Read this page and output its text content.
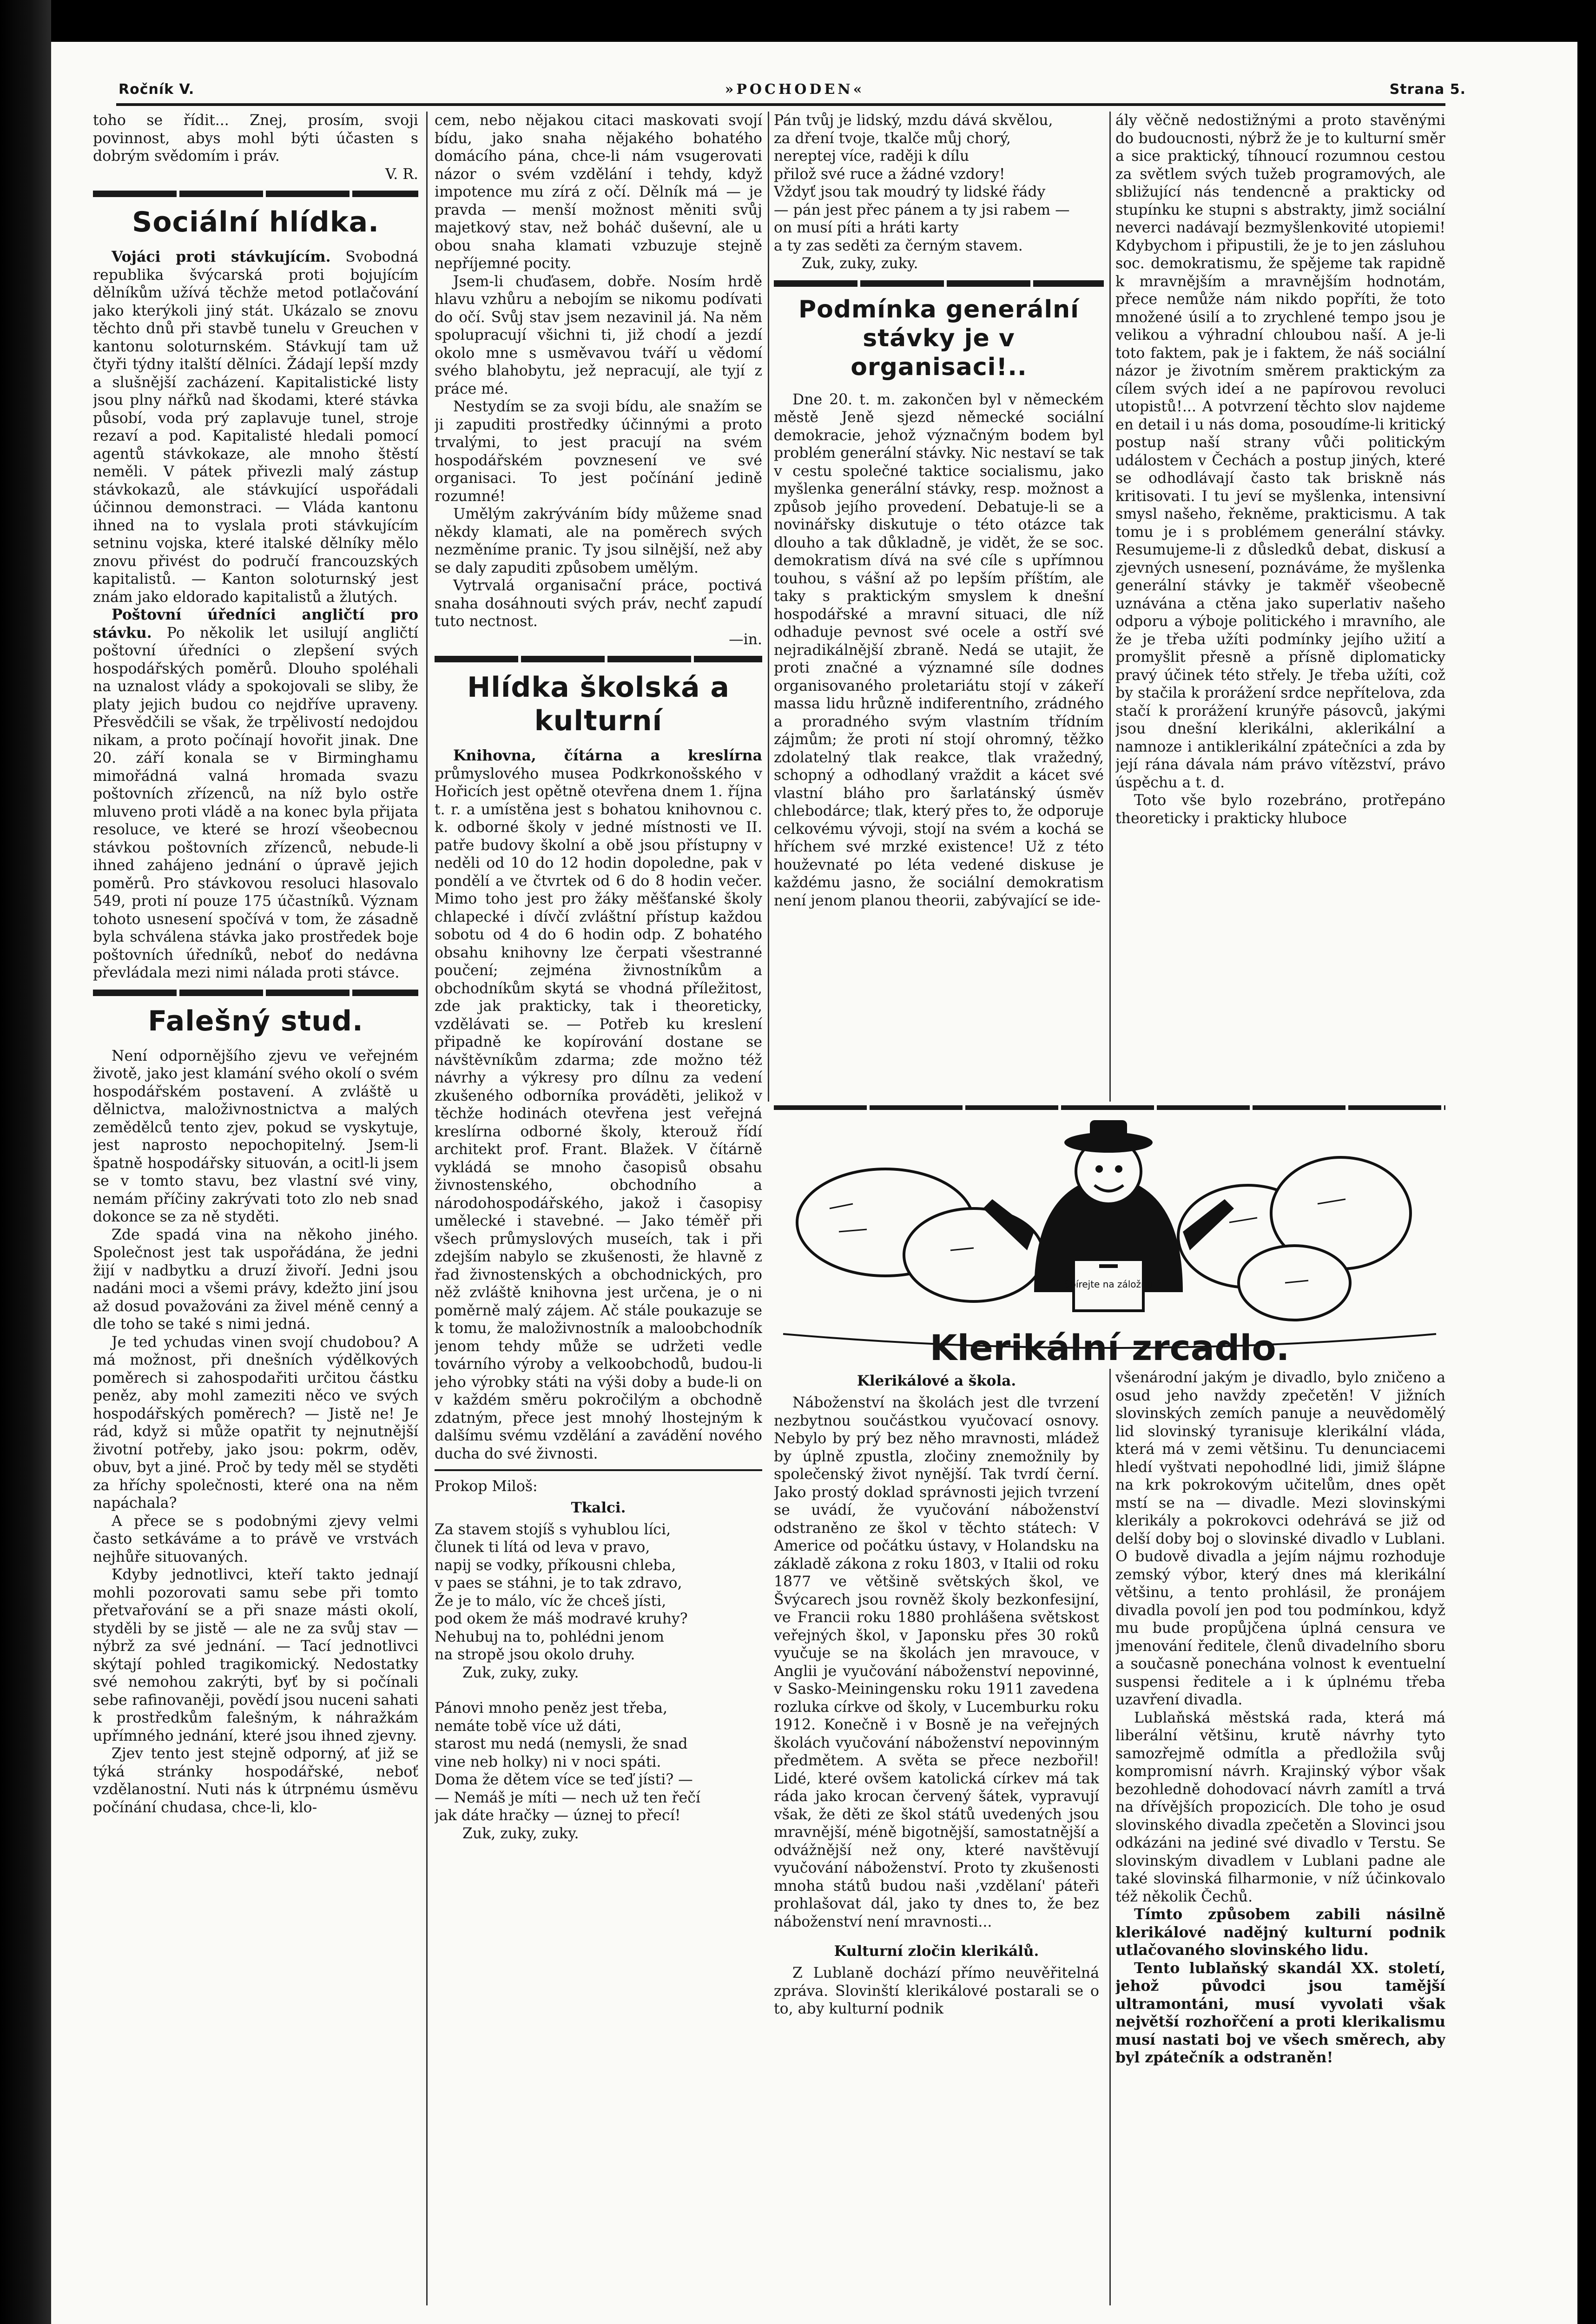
Ročník V.	»POCHODEN«	Strana 5.

toho se řídit... Znej, prosím, svoji povinnost, abys mohl býti účasten s dobrým svědomím i práv.

V. R.
Sociální hlídka.

Vojáci proti stávkujícím. Svobodná republika švýcarská proti bojujícím dělníkům užívá těchže metod potlačování jako kterýkoli jiný stát. Ukázalo se znovu těchto dnů při stavbě tunelu v Greuchen v kantonu soloturnském. Stávkují tam už čtyři týdny italští dělníci. Žádají lepší mzdy a slušnější zacházení. Kapitalistické listy jsou plny nářků nad škodami, které stávka působí, voda prý zaplavuje tunel, stroje rezaví a pod. Kapitalisté hledali pomocí agentů stávkokaze, ale mnoho štěstí neměli. V pátek přivezli malý zástup stávkokazů, ale stávkující uspořádali účinnou demonstraci. — Vláda kantonu ihned na to vyslala proti stávkujícím setninu vojska, které italské dělníky mělo znovu přivést do područí francouzských kapitalistů. — Kanton soloturnský jest znám jako eldorado kapitalistů a žlutých.

Poštovní úředníci angličtí pro stávku. Po několik let usilují angličtí poštovní úředníci o zlepšení svých hospodářských poměrů. Dlouho spoléhali na uznalost vlády a spokojovali se sliby, že platy jejich budou co nejdříve upraveny. Přesvědčili se však, že trpělivostí nedojdou nikam, a proto počínají hovořit jinak. Dne 20. září konala se v Birminghamu mimořádná valná hromada svazu poštovních zřízenců, na níž bylo ostře mluveno proti vládě a na konec byla přijata resoluce, ve které se hrozí všeobecnou stávkou poštovních zřízenců, nebude-li ihned zahájeno jednání o úpravě jejich poměrů. Pro stávkovou resoluci hlasovalo 549, proti ní pouze 175 účastníků. Význam tohoto usnesení spočívá v tom, že zásadně byla schválena stávka jako prostředek boje poštovních úředníků, neboť do nedávna převládala mezi nimi nálada proti stávce.

Falešný stud.

Není odpornějšího zjevu ve veřejném životě, jako jest klamání svého okolí o svém hospodářském postavení. A zvláště u dělnictva, maloživnostnictva a malých zemědělců tento zjev, pokud se vyskytuje, jest naprosto nepochopitelný. Jsem-li špatně hospodářsky situován, a ocitl-li jsem se v tomto stavu, bez vlastní své viny, nemám příčiny zakrývati toto zlo neb snad dokonce se za ně styděti.

Zde spadá vina na někoho jiného. Společnost jest tak uspořádána, že jedni žijí v nadbytku a druzí živoří. Jedni jsou nadáni moci a všemi právy, kdežto jiní jsou až dosud považováni za živel méně cenný a dle toho se také s nimi jedná.

Je ted ychudas vinen svojí chudobou? A má možnost, při dnešních výdělkových poměrech si zahospodařiti určitou částku peněz, aby mohl zameziti něco ve svých hospodářských poměrech? — Jistě ne! Je rád, když si může opatřit ty nejnutnější životní potřeby, jako jsou: pokrm, oděv, obuv, byt a jiné. Proč by tedy měl se styděti za hříchy společnosti, které ona na něm napáchala?

A přece se s podobnými zjevy velmi často setkáváme a to právě ve vrstvách nejhůře situovaných.

Kdyby jednotlivci, kteří takto jednají mohli pozorovati samu sebe při tomto přetvařování se a při snaze másti okolí, styděli by se jistě — ale ne za svůj stav — nýbrž za své jednání. — Tací jednotlivci skýtají pohled tragikomický. Nedostatky své nemohou zakrýti, byť by si počínali sebe rafinovaněji, povědí jsou nuceni sahati k prostředkům falešným, k náhražkám upřímného jednání, které jsou ihned zjevny.

Zjev tento jest stejně odporný, ať již se týká stránky hospodářské, neboť vzdělanostní. Nuti nás k útrpnému úsměvu počínání chudasa, chce-li, klo-

cem, nebo nějakou citaci maskovati svojí bídu, jako snaha nějakého bohatého domácího pána, chce-li nám vsugerovati názor o svém vzdělání i tehdy, když impotence mu zírá z očí. Dělník má — je pravda — menší možnost měniti svůj majetkový stav, než boháč duševní, ale u obou snaha klamati vzbuzuje stejně nepříjemné pocity.

Jsem-li chuďasem, dobře. Nosím hrdě hlavu vzhůru a nebojím se nikomu podívati do očí. Svůj stav jsem nezavinil já. Na něm spolupracují všichni ti, již chodí a jezdí okolo mne s usměvavou tváří u vědomí svého blahobytu, jež nepracují, ale tyjí z práce mé.

Nestydím se za svoji bídu, ale snažím se ji zapuditi prostředky účinnými a proto trvalými, to jest pracují na svém hospodářském povznesení ve své organisaci. To jest počínání jedině rozumné!

Umělým zakrýváním bídy můžeme snad někdy klamati, ale na poměrech svých nezměníme pranic. Ty jsou silnější, než aby se daly zapuditi způsobem umělým.

Vytrvalá organisační práce, poctivá snaha dosáhnouti svých práv, nechť zapudí tuto nectnost.

—in.
Hlídka školská a kulturní

Knihovna, čítárna a kreslírna průmyslového musea Podkrkonošského v Hořicích jest opětně otevřena dnem 1. října t. r. a umístěna jest s bohatou knihovnou c. k. odborné školy v jedné místnosti ve II. patře budovy školní a obě jsou přístupny v neděli od 10 do 12 hodin dopoledne, pak v pondělí a ve čtvrtek od 6 do 8 hodin večer. Mimo toho jest pro žáky měšťanské školy chlapecké i dívčí zvláštní přístup každou sobotu od 4 do 6 hodin odp. Z bohatého obsahu knihovny lze čerpati všestranné poučení; zejména živnostníkům a obchodníkům skytá se vhodná příležitost, zde jak prakticky, tak i theoreticky, vzdělávati se. — Potřeb ku kreslení připadně ke kopírování dostane se návštěvníkům zdarma; zde možno též návrhy a výkresy pro dílnu za vedení zkušeného odborníka prováděti, jelikož v těchže hodinách otevřena jest veřejná kreslírna odborné školy, kterouž řídí architekt prof. Frant. Blažek. V čítárně vykládá se mnoho časopisů obsahu živnostenského, obchodního a národohospodářského, jakož i časopisy umělecké i stavebné. — Jako téměř při všech průmyslových museích, tak i při zdejším nabylo se zkušenosti, že hlavně z řad živnostenských a obchodnických, pro něž zvláště knihovna jest určena, je o ni poměrně malý zájem. Ač stále poukazuje se k tomu, že maloživnostník a maloobchodník jenom tehdy může se udržeti vedle továrního výroby a velkoobchodů, budou-li jeho výrobky státi na výši doby a bude-li on v každém směru pokročilým a obchodně zdatným, přece jest mnohý lhostejným k dalšímu svému vzdělání a zavádění nového ducha do své živnosti.

Prokop Miloš:

Tkalci.
Za stavem stojíš s vyhublou líci,
člunek ti lítá od leva v pravo,
napij se vodky, příkousni chleba,
v paes se stáhni, je to tak zdravo,
Že je to málo, víc že chceš jísti,
pod okem že máš modravé kruhy?
Nehubuj na to, pohlédni jenom
na stropě jsou okolo druhy.
Zuk, zuky, zuky.
Pánovi mnoho peněz jest třeba,
nemáte tobě více už dáti,
starost mu nedá (nemysli, že snad
vine neb holky) ni v noci spáti.
Doma že dětem více se teď jísti? —
— Nemáš je míti — nech už ten řečí
jak dáte hračky — úznej to přecí!
Zuk, zuky, zuky.
Pán tvůj je lidský, mzdu dává skvělou,
za dření tvoje, tkalče můj chorý,
nereptej více, raději k dílu
přilož své ruce a žádné vzdory!
Vždyť jsou tak moudrý ty lidské řády
— pán jest přec pánem a ty jsi rabem —
on musí píti a hráti karty
a ty zas seděti za černým stavem.
Zuk, zuky, zuky.
Podmínka generální stávky je v organisaci!..

Dne 20. t. m. zakončen byl v německém městě Jeně sjezd německé sociální demokracie, jehož význačným bodem byl problém generální stávky. Nic nestaví se tak v cestu společné taktice socialismu, jako myšlenka generální stávky, resp. možnost a způsob jejího provedení. Debatuje-li se a novinářsky diskutuje o této otázce tak dlouho a tak důkladně, je vidět, že se soc. demokratism dívá na své cíle s upřímnou touhou, s vášní až po lepším příštím, ale taky s praktickým smyslem k dnešní hospodářské a mravní situaci, dle níž odhaduje pevnost své ocele a ostří své nejradikálnější zbraně. Nedá se utajit, že proti značné a významné síle dodnes organisovaného proletariátu stojí v zákeří massa lidu hrůzně indiferentního, zrádného a proradného svým vlastním třídním zájmům; že proti ní stojí ohromný, těžko zdolatelný tlak reakce, tlak vražedný, schopný a odhodlaný vraždit a kácet své vlastní bláho pro šarlatánský úsměv chlebodárce; tlak, který přes to, že odporuje celkovému vývoji, stojí na svém a kochá se hříchem své mrzké existence! Už z této houževnaté po léta vedené diskuse je každému jasno, že sociální demokratism není jenom planou theorii, zabývající se ide-

ály věčně nedostižnými a proto stavěnými do budoucnosti, nýbrž že je to kulturní směr a sice praktický, tíhnoucí rozumnou cestou za světlem svých tužeb programových, ale sbližující nás tendencně a prakticky od stupínku ke stupni s abstrakty, jimž sociální neverci nadávají bezmyšlenkovité utopiemi! Kdybychom i připustili, že je to jen zásluhou soc. demokratismu, že spějeme tak rapidně k mravnějším a mravnějším hodnotám, přece nemůže nám nikdo popříti, že toto množené úsilí a to zrychlené tempo jsou je velikou a výhradní chloubou naší. A je-li toto faktem, pak je i faktem, že náš sociální názor je životním směrem praktickým za cílem svých ideí a ne papírovou revoluci utopistů!... A potvrzení těchto slov najdeme en detail i u nás doma, posoudíme-li kritický postup naší strany vůči politickým událostem v Čechách a postup jiných, které se odhodlávají často tak briskně nás kritisovati. I tu jeví se myšlenka, intensivní smysl našeho, řekněme, prakticismu. A tak tomu je i s problémem generální stávky. Resumujeme-li z důsledků debat, diskusí a zjevných usnesení, poznáváme, že myšlenka generální stávky je takměř všeobecně uznávána a ctěna jako superlativ našeho odporu a výboje politického i mravního, ale že je třeba užíti podmínky jejího užití a promyšlit přesně a přísně diplomaticky pravý účinek této střely. Je třeba užíti, což by stačila k prorážení srdce nepřítelova, zda stačí k prorážení krunýře pásovců, jakými jsou dnešní klerikálni, aklerikální a namnoze i antiklerikální zpátečníci a zda by její rána dávala nám právo vítězství, právo úspěchu a t. d.

Toto vše bylo rozebráno, protřepáno theoreticky i prakticky hluboce

Sbírejte na záložnu
Klerikální zrcadlo.
Klerikálové a škola.

Náboženství na školách jest dle tvrzení nezbytnou součástkou vyučovací osnovy. Nebylo by prý bez něho mravnosti, mládež by úplně zpustla, zločiny znemožnily by společenský život nynější. Tak tvrdí černí. Jako prostý doklad správnosti jejich tvrzení se uvádí, že vyučování náboženství odstraněno ze škol v těchto státech: V Americe od počátku ústavy, v Holandsku na základě zákona z roku 1803, v Italii od roku 1877 ve většině světských škol, ve Švýcarech jsou rovněž školy bezkonfesijní, ve Francii roku 1880 prohlášena světskost veřejných škol, v Japonsku přes 30 roků vyučuje se na školách jen mravouce, v Anglii je vyučování náboženství nepovinné, v Sasko-Meiningensku roku 1911 zavedena rozluka církve od školy, v Lucemburku roku 1912. Konečně i v Bosně je na veřejných školách vyučování náboženství nepovinným předmětem. A světa se přece nezbořil! Lidé, které ovšem katolická církev má tak ráda jako krocan červený šátek, vypravují však, že děti ze škol států uvedených jsou mravnější, méně bigotnější, samostatnější a odvážnější než ony, které navštěvují vyučování náboženství. Proto ty zkušenosti mnoha států budou naši ,vzdělaní' páteři prohlašovat dál, jako ty dnes to, že bez náboženství není mravnosti...

Kulturní zločin klerikálů.

Z Lublaně dochází přímo neuvěřitelná zpráva. Slovinští klerikálové postarali se o to, aby kulturní podnik

všenárodní jakým je divadlo, bylo zničeno a osud jeho navždy zpečetěn! V jižních slovinských zemích panuje a neuvědomělý lid slovinský tyranisuje klerikální vláda, která má v zemi většinu. Tu denunciacemi hledí vyštvati nepohodlné lidi, jimiž šlápne na krk pokrokovým učitelům, dnes opět mstí se na — divadle. Mezi slovinskými klerikály a pokrokovci odehrává se již od delší doby boj o slovinské divadlo v Lublani. O budově divadla a jejím nájmu rozhoduje zemský výbor, který dnes má klerikální většinu, a tento prohlásil, že pronájem divadla povolí jen pod tou podmínkou, když mu bude propůjčena úplná censura ve jmenování ředitele, členů divadelního sboru a současně ponechána volnost k eventuelní suspensi ředitele a i k úplnému třeba uzavření divadla.

Lublaňská městská rada, která má liberální většinu, krutě návrhy tyto samozřejmě odmítla a předložila svůj kompromisní návrh. Krajinský výbor však bezohledně dohodovací návrh zamítl a trvá na dřívějších propozicích. Dle toho je osud slovinského divadla zpečetěn a Slovinci jsou odkázáni na jediné své divadlo v Terstu. Se slovinským divadlem v Lublani padne ale také slovinská filharmonie, v níž účinkovalo též několik Čechů.

Tímto způsobem zabili násilně klerikálové nadějný kulturní podnik utlačovaného slovinského lidu.

Tento lublaňský skandál XX. století, jehož původci jsou tamější ultramontáni, musí vyvolati však největší rozhořčení a proti klerikalismu musí nastati boj ve všech směrech, aby byl zpátečník a odstraněn!
